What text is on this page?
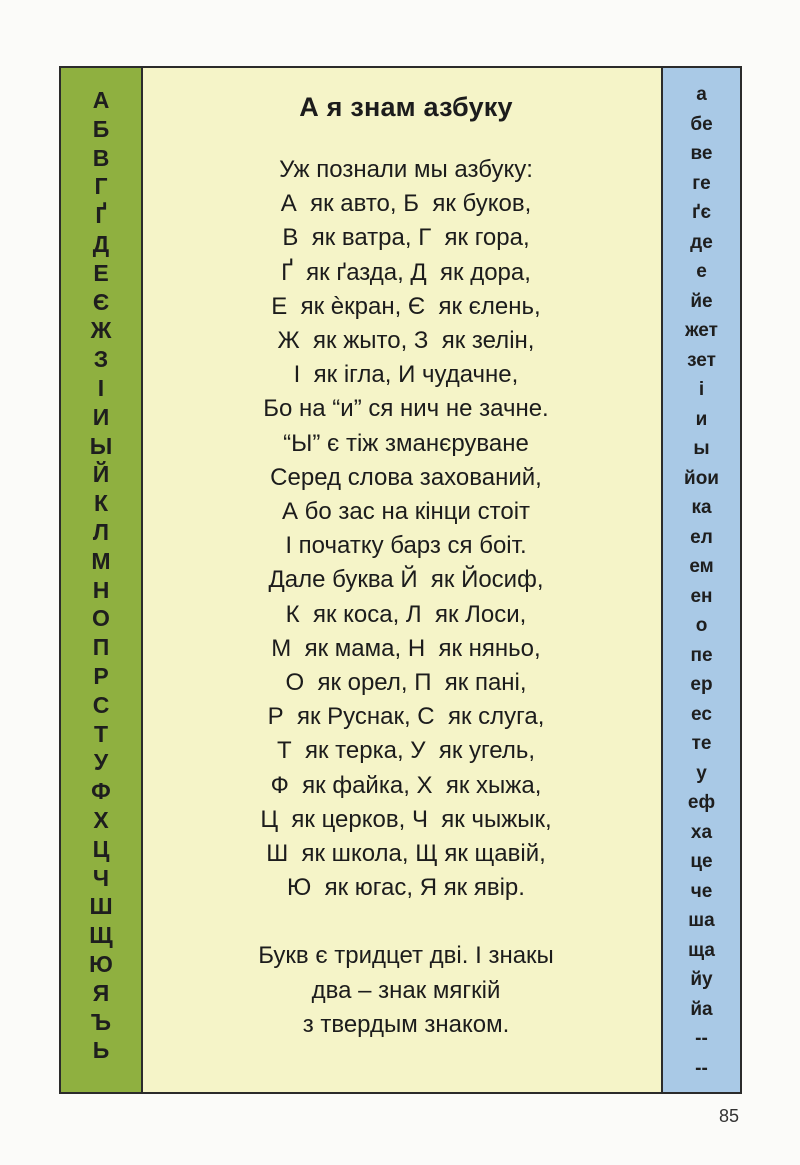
А
Б
В
Г
Ґ
Д
Е
Є
Ж
З
І
И
Ы
Й
К
Л
М
Н
О
П
Р
С
Т
У
Ф
Х
Ц
Ч
Ш
Щ
Ю
Я
Ъ
Ь
А я знам азбуку
Уж познали мы азбуку:
А  як авто, Б  як буков,
В  як ватра, Г  як гора,
Ґ  як ґазда, Д  як дора,
Е  як ѐкран, Є  як єлень,
Ж  як жыто, З  як зелін,
І  як ігла, И чудачне,
Бо на “и” ся нич не зачне.
“Ы” є тіж зманєруване
Серед слова захований,
А бо зас на кінци стоіт
І початку барз ся боіт.
Дале буква Й  як Йосиф,
К  як коса, Л  як Лоси,
М  як мама, Н  як няньо,
О  як орел, П  як пані,
Р  як Руснак, С  як слуга,
Т  як терка, У  як угель,
Ф  як файка, Х  як хыжа,
Ц  як церков, Ч  як чыжык,
Ш  як школа, Щ як щавій,
Ю  як югас, Я як явір.
Букв є тридцет дві. І знакы
два – знак мягкій
з твердым знаком.
а
бе
ве
ге
ґє
де
е
йе
жет
зет
і
и
ы
йои
ка
ел
ем
ен
о
пе
ер
ес
те
у
еф
ха
це
че
ша
ща
йу
йа
--
--
85
